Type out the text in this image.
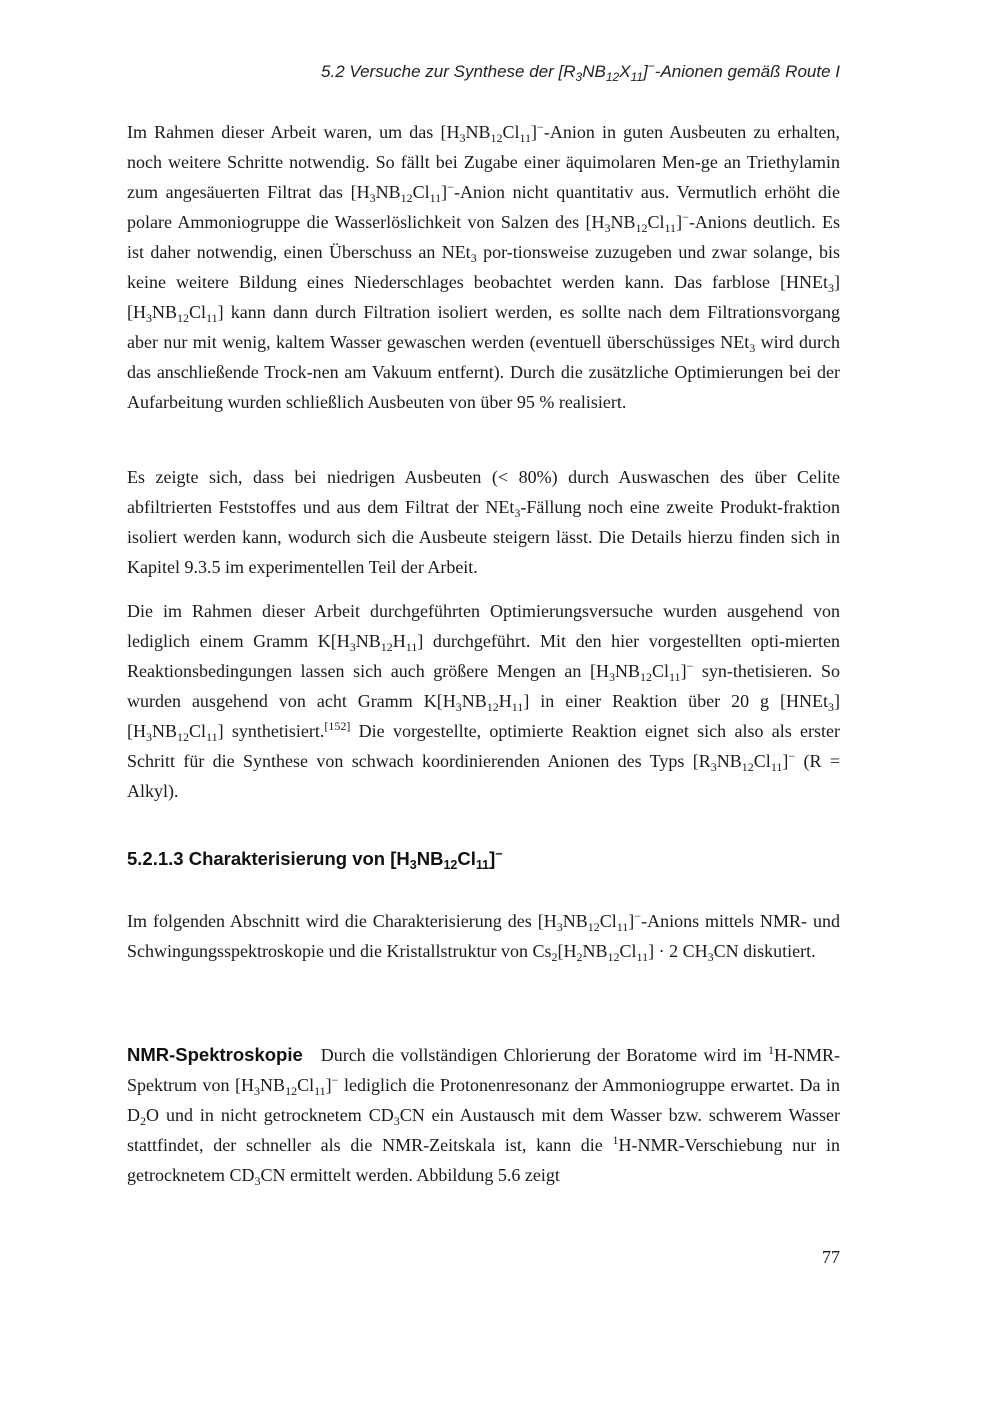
5.2 Versuche zur Synthese der $[R_3NB_{12}X_{11}]^-$-Anionen gemäß Route I

Im Rahmen dieser Arbeit waren, um das $[H_3NB_{12}Cl_{11}]^-$-Anion in guten Ausbeuten zu erhalten, noch weitere Schritte notwendig. So fällt bei Zugabe einer äquimolaren Men-ge an Triethylamin zum angesäuerten Filtrat das $[H_3NB_{12}Cl_{11}]^-$-Anion nicht quantitativ aus. Vermutlich erhöht die polare Ammoniogruppe die Wasserlöslichkeit von Salzen des $[H_3NB_{12}Cl_{11}]^-$-Anions deutlich. Es ist daher notwendig, einen Überschuss an NEt$_3$ por-tionsweise zuzugeben und zwar solange, bis keine weitere Bildung eines Niederschlages beobachtet werden kann. Das farblose $[HNEt_3][H_3NB_{12}Cl_{11}]$ kann dann durch Filtration isoliert werden, es sollte nach dem Filtrationsvorgang aber nur mit wenig, kaltem Wasser gewaschen werden (eventuell überschüssiges NEt$_3$ wird durch das anschließende Trock-nen am Vakuum entfernt). Durch die zusätzliche Optimierungen bei der Aufarbeitung wurden schließlich Ausbeuten von über 95 % realisiert.

Es zeigte sich, dass bei niedrigen Ausbeuten (< 80%) durch Auswaschen des über Celite abfiltrierten Feststoffes und aus dem Filtrat der NEt$_3$-Fällung noch eine zweite Produkt-fraktion isoliert werden kann, wodurch sich die Ausbeute steigern lässt. Die Details hierzu finden sich in Kapitel 9.3.5 im experimentellen Teil der Arbeit.

Die im Rahmen dieser Arbeit durchgeführten Optimierungsversuche wurden ausgehend von lediglich einem Gramm $K[H_3NB_{12}H_{11}]$ durchgeführt. Mit den hier vorgestellten opti-mierten Reaktionsbedingungen lassen sich auch größere Mengen an $[H_3NB_{12}Cl_{11}]^-$ syn-thetisieren. So wurden ausgehend von acht Gramm $K[H_3NB_{12}H_{11}]$ in einer Reaktion über 20 g $[HNEt_3][H_3NB_{12}Cl_{11}]$ synthetisiert.[152] Die vorgestellte, optimierte Reaktion eignet sich also als erster Schritt für die Synthese von schwach koordinierenden Anionen des Typs $[R_3NB_{12}Cl_{11}]^-$ (R = Alkyl).

5.2.1.3 Charakterisierung von $[H_3NB_{12}Cl_{11}]^-$

Im folgenden Abschnitt wird die Charakterisierung des $[H_3NB_{12}Cl_{11}]^-$-Anions mittels NMR- und Schwingungsspektroskopie und die Kristallstruktur von $Cs_2[H_2NB_{12}Cl_{11}] \cdot 2$ $CH_3CN$ diskutiert.

NMR-Spektroskopie Durch die vollständigen Chlorierung der Boratome wird im $^1$H-NMR-Spektrum von $[H_3NB_{12}Cl_{11}]^-$ lediglich die Protonenresonanz der Ammoniogruppe erwartet. Da in $D_2O$ und in nicht getrocknetem $CD_3CN$ ein Austausch mit dem Wasser bzw. schwerem Wasser stattfindet, der schneller als die NMR-Zeitskala ist, kann die $^1$H-NMR-Verschiebung nur in getrocknetem $CD_3CN$ ermittelt werden. Abbildung 5.6 zeigt

77
